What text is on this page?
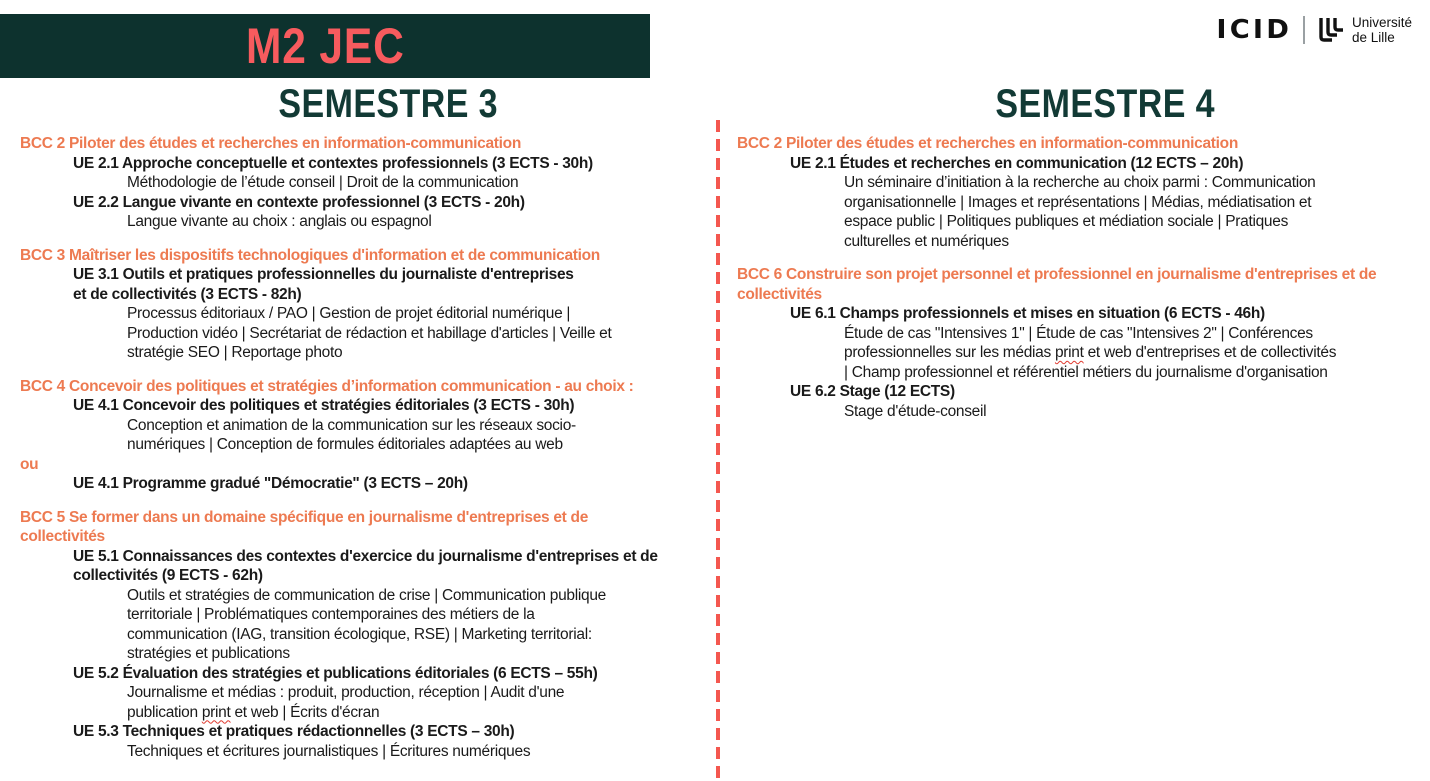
M2 JEC	ICID	Université
de Lille
SEMESTRE 3	SEMESTRE 4
BCC 2 Piloter des études et recherches en information-communication
UE 2.1 Approche conceptuelle et contextes professionnels (3 ECTS - 30h)
Méthodologie de l’étude conseil | Droit de la communication
UE 2.2 Langue vivante en contexte professionnel (3 ECTS - 20h)
Langue vivante au choix : anglais ou espagnol
BCC 3 Maîtriser les dispositifs technologiques d'information et de communication
UE 3.1 Outils et pratiques professionnelles du journaliste d'entreprises
et de collectivités (3 ECTS - 82h)
Processus éditoriaux / PAO | Gestion de projet éditorial numérique |
Production vidéo | Secrétariat de rédaction et habillage d'articles | Veille et
stratégie SEO | Reportage photo
BCC 4 Concevoir des politiques et stratégies d’information communication - au choix :
UE 4.1 Concevoir des politiques et stratégies éditoriales (3 ECTS - 30h)
Conception et animation de la communication sur les réseaux socio-
numériques | Conception de formules éditoriales adaptées au web
ou
UE 4.1 Programme gradué "Démocratie" (3 ECTS – 20h)
BCC 5 Se former dans un domaine spécifique en journalisme d'entreprises et de
collectivités
UE 5.1 Connaissances des contextes d'exercice du journalisme d'entreprises et de
collectivités (9 ECTS - 62h)
Outils et stratégies de communication de crise | Communication publique
territoriale | Problématiques contemporaines des métiers de la
communication (IAG, transition écologique, RSE) | Marketing territorial:
stratégies et publications
UE 5.2 Évaluation des stratégies et publications éditoriales (6 ECTS – 55h)
Journalisme et médias : produit, production, réception | Audit d'une
publication print et web | Écrits d'écran
UE 5.3 Techniques et pratiques rédactionnelles (3 ECTS – 30h)
Techniques et écritures journalistiques | Écritures numériques
BCC 2 Piloter des études et recherches en information-communication
UE 2.1 Études et recherches en communication (12 ECTS – 20h)
Un séminaire d’initiation à la recherche au choix parmi : Communication
organisationnelle | Images et représentations | Médias, médiatisation et
espace public | Politiques publiques et médiation sociale | Pratiques
culturelles et numériques
BCC 6 Construire son projet personnel et professionnel en journalisme d'entreprises et de
collectivités
UE 6.1 Champs professionnels et mises en situation (6 ECTS - 46h)
Étude de cas "Intensives 1" | Étude de cas "Intensives 2" | Conférences
professionnelles sur les médias print et web d'entreprises et de collectivités
| Champ professionnel et référentiel métiers du journalisme d'organisation
UE 6.2 Stage (12 ECTS)
Stage d'étude-conseil
